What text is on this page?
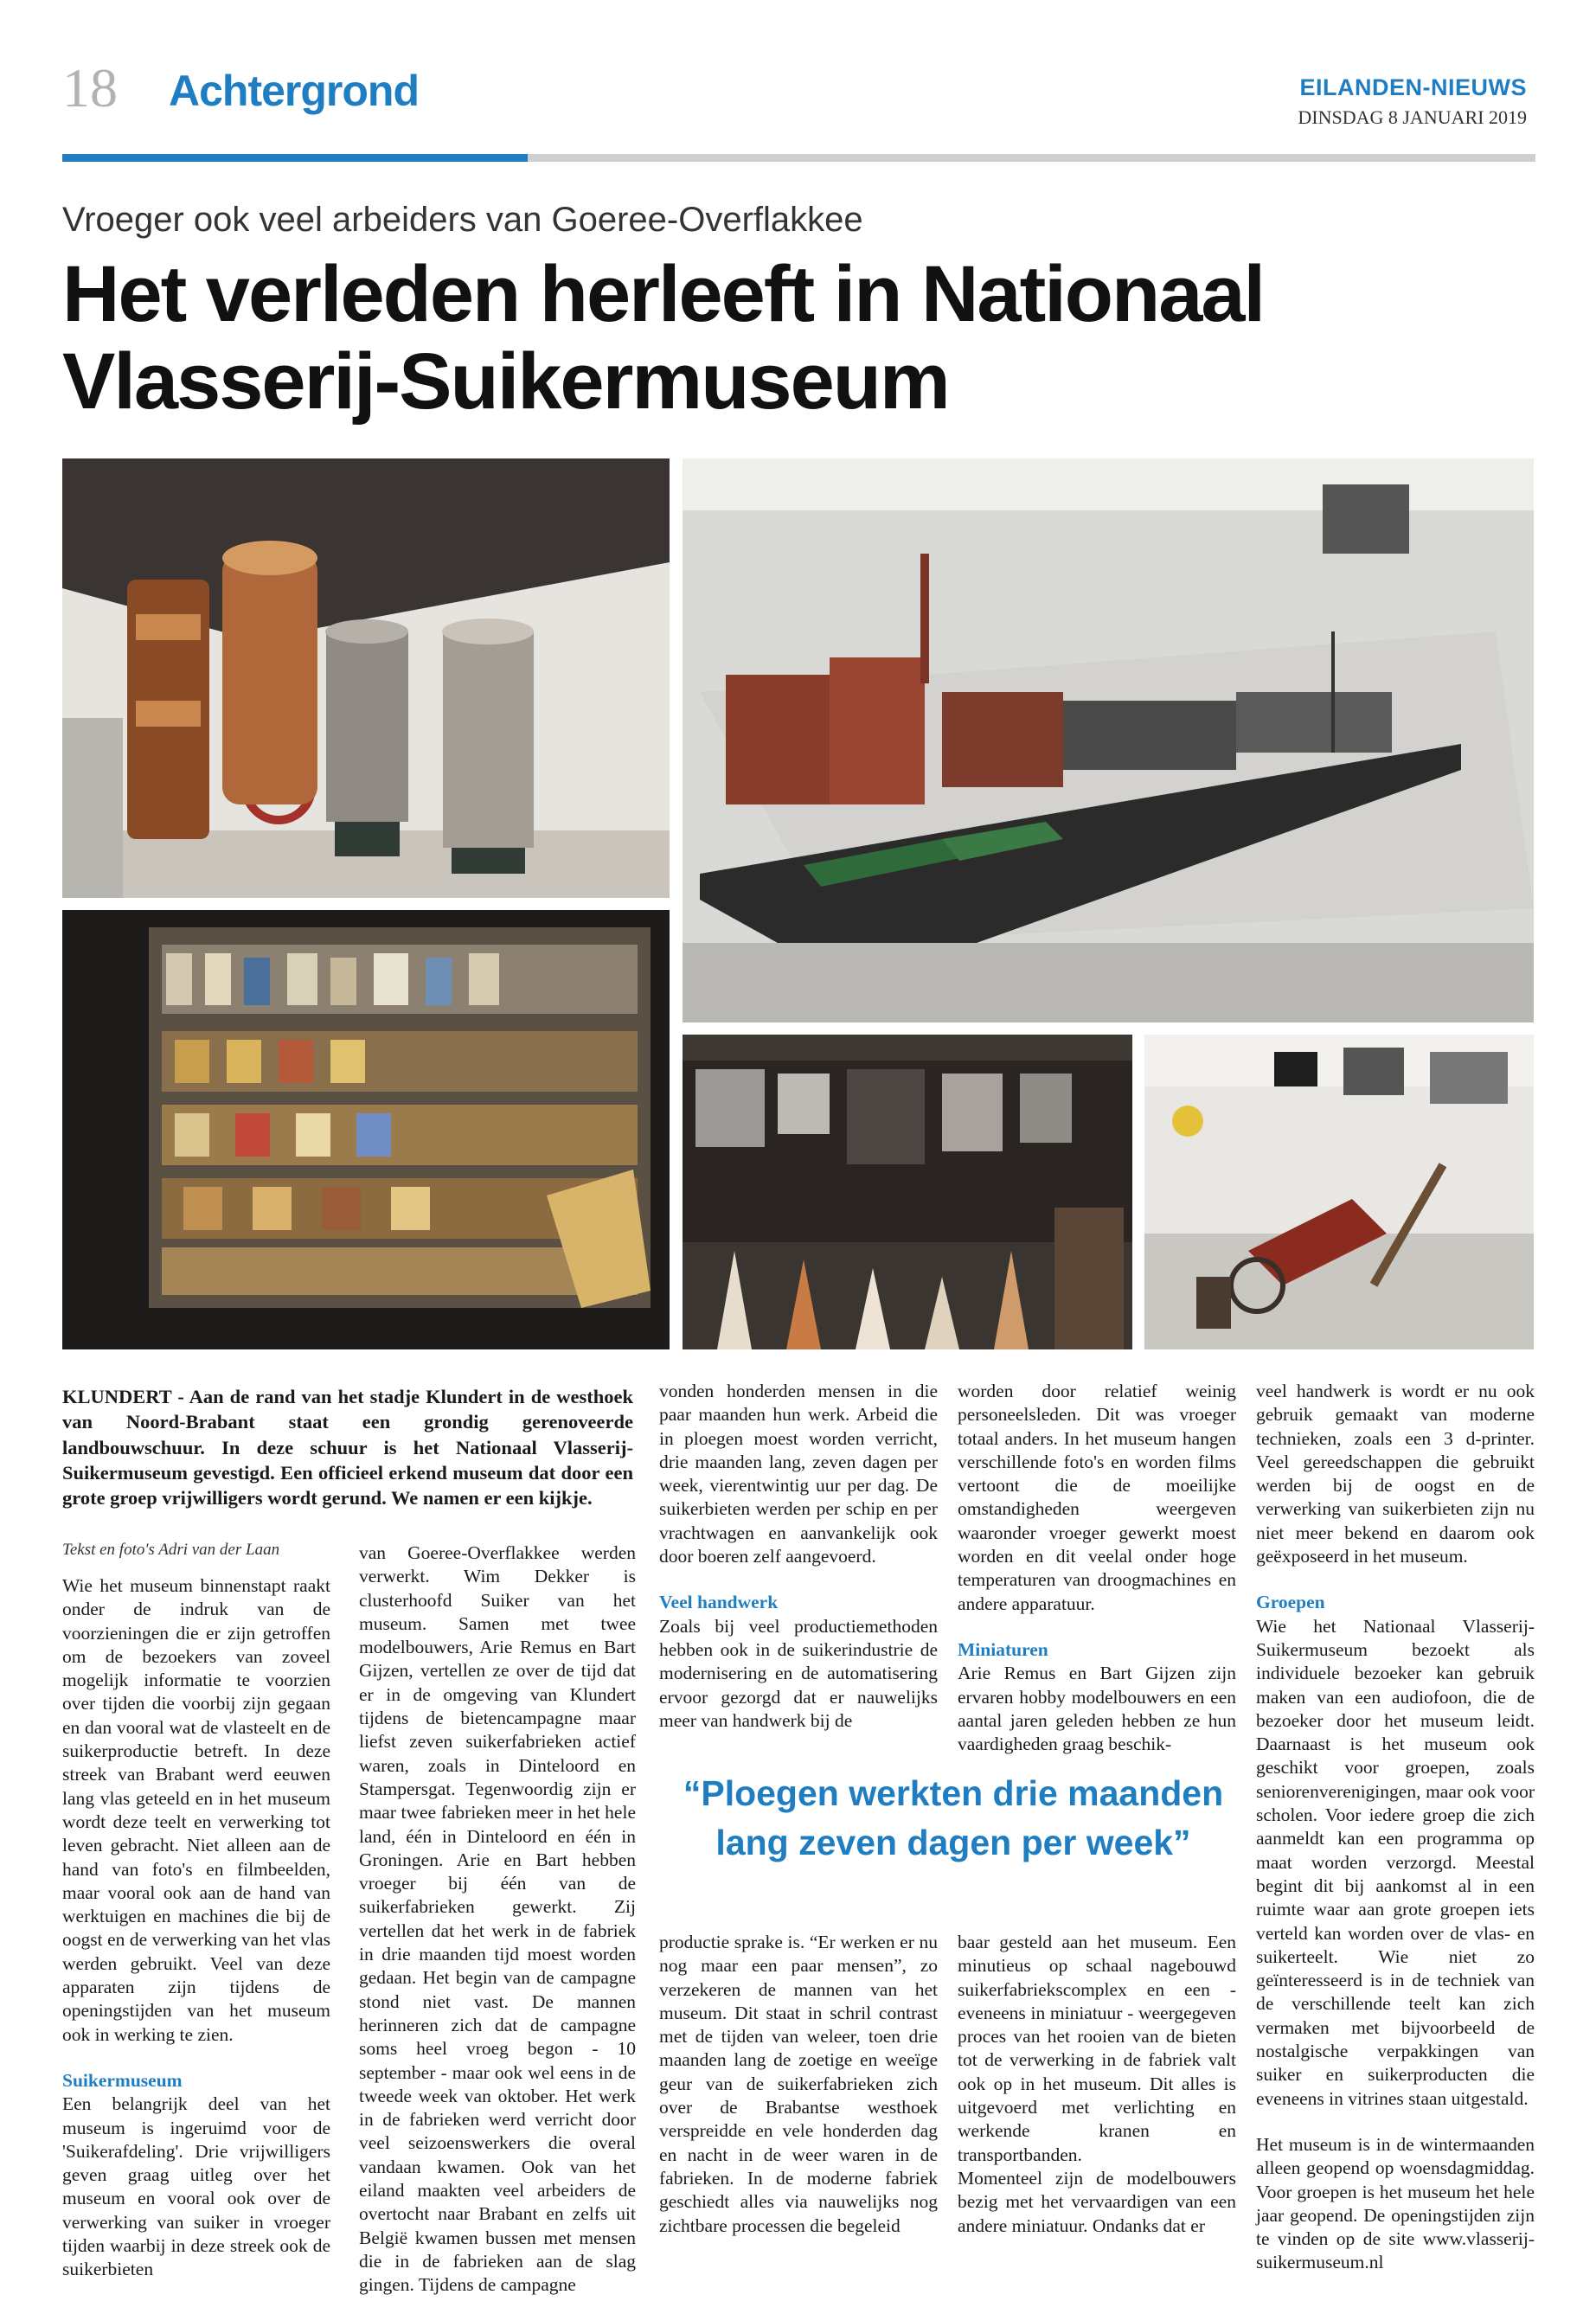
18 Achtergrond	EILANDEN-NIEUWS
DINSDAG 8 JANUARI 2019
Vroeger ook veel arbeiders van Goeree-Overflakkee
Het verleden herleeft in Nationaal Vlasserij-Suikermuseum
KLUNDERT - Aan de rand van het stadje Klundert in de westhoek van Noord-Brabant staat een grondig gerenoveerde landbouwschuur. In deze schuur is het Nationaal Vlasserij-Suikermuseum gevestigd. Een officieel erkend museum dat door een grote groep vrijwilligers wordt gerund. We namen er een kijkje.
Tekst en foto's Adri van der Laan

Wie het museum binnenstapt raakt onder de indruk van de voorzieningen die er zijn getroffen om de bezoekers van zoveel mogelijk informatie te voorzien over tijden die voorbij zijn gegaan en dan vooral wat de vlasteelt en de suikerproductie betreft. In deze streek van Brabant werd eeuwen lang vlas geteeld en in het museum wordt deze teelt en verwerking tot leven gebracht. Niet alleen aan de hand van foto's en filmbeelden, maar vooral ook aan de hand van werktuigen en machines die bij de oogst en de verwerking van het vlas werden gebruikt. Veel van deze apparaten zijn tijdens de openingstijden van het museum ook in werking te zien.

Suikermuseum

Een belangrijk deel van het museum is ingeruimd voor de 'Suikerafdeling'. Drie vrijwilligers geven graag uitleg over het museum en vooral ook over de verwerking van suiker in vroeger tijden waarbij in deze streek ook de suikerbieten

van Goeree-Overflakkee werden verwerkt. Wim Dekker is clusterhoofd Suiker van het museum. Samen met twee modelbouwers, Arie Remus en Bart Gijzen, vertellen ze over de tijd dat er in de omgeving van Klundert tijdens de bietencampagne maar liefst zeven suikerfabrieken actief waren, zoals in Dinteloord en Stampersgat. Tegenwoordig zijn er maar twee fabrieken meer in het hele land, één in Dinteloord en één in Groningen. Arie en Bart hebben vroeger bij één van de suikerfabrieken gewerkt. Zij vertellen dat het werk in de fabriek in drie maanden tijd moest worden gedaan. Het begin van de campagne stond niet vast. De mannen herinneren zich dat de campagne soms heel vroeg begon - 10 september - maar ook wel eens in de tweede week van oktober. Het werk in de fabrieken werd verricht door veel seizoenswerkers die overal vandaan kwamen. Ook van het eiland maakten veel arbeiders de overtocht naar Brabant en zelfs uit België kwamen bussen met mensen die in de fabrieken aan de slag gingen. Tijdens de campagne

vonden honderden mensen in die paar maanden hun werk. Arbeid die in ploegen moest worden verricht, drie maanden lang, zeven dagen per week, vierentwintig uur per dag. De suikerbieten werden per schip en per vrachtwagen en aanvankelijk ook door boeren zelf aangevoerd.

Veel handwerk

Zoals bij veel productiemethoden hebben ook in de suikerindustrie de modernisering en de automatisering ervoor gezorgd dat er nauwelijks meer van handwerk bij de

productie sprake is. “Er werken er nu nog maar een paar mensen”, zo verzekeren de mannen van het museum. Dit staat in schril contrast met de tijden van weleer, toen drie maanden lang de zoetige en weeïge geur van de suikerfabrieken zich over de Brabantse westhoek verspreidde en vele honderden dag en nacht in de weer waren in de fabrieken. In de moderne fabriek geschiedt alles via nauwelijks nog zichtbare processen die begeleid

worden door relatief weinig personeelsleden. Dit was vroeger totaal anders. In het museum hangen verschillende foto's en worden films vertoont die de moeilijke omstandigheden weergeven waaronder vroeger gewerkt moest worden en dit veelal onder hoge temperaturen van droogmachines en andere apparatuur.

Miniaturen

Arie Remus en Bart Gijzen zijn ervaren hobby modelbouwers en een aantal jaren geleden hebben ze hun vaardigheden graag beschik-

baar gesteld aan het museum. Een minutieus op schaal nagebouwd suikerfabriekscomplex en een - eveneens in miniatuur - weergegeven proces van het rooien van de bieten tot de verwerking in de fabriek valt ook op in het museum. Dit alles is uitgevoerd met verlichting en werkende kranen en transportbanden.

Momenteel zijn de modelbouwers bezig met het vervaardigen van een andere miniatuur. Ondanks dat er

“Ploegen werkten drie maanden lang zeven dagen per week”

veel handwerk is wordt er nu ook gebruik gemaakt van moderne technieken, zoals een 3 d-printer. Veel gereedschappen die gebruikt werden bij de oogst en de verwerking van suikerbieten zijn nu niet meer bekend en daarom ook geëxposeerd in het museum.

Groepen

Wie het Nationaal Vlasserij-Suikermuseum bezoekt als individuele bezoeker kan gebruik maken van een audiofoon, die de bezoeker door het museum leidt. Daarnaast is het museum ook geschikt voor groepen, zoals seniorenverenigingen, maar ook voor scholen. Voor iedere groep die zich aanmeldt kan een programma op maat worden verzorgd. Meestal begint dit bij aankomst al in een ruimte waar aan grote groepen iets verteld kan worden over de vlas- en suikerteelt. Wie niet zo geïnteresseerd is in de techniek van de verschillende teelt kan zich vermaken met bijvoorbeeld de nostalgische verpakkingen van suiker en suikerproducten die eveneens in vitrines staan uitgestald.

Het museum is in de wintermaanden alleen geopend op woensdagmiddag. Voor groepen is het museum het hele jaar geopend. De openingstijden zijn te vinden op de site www.vlasserij-suikermuseum.nl
